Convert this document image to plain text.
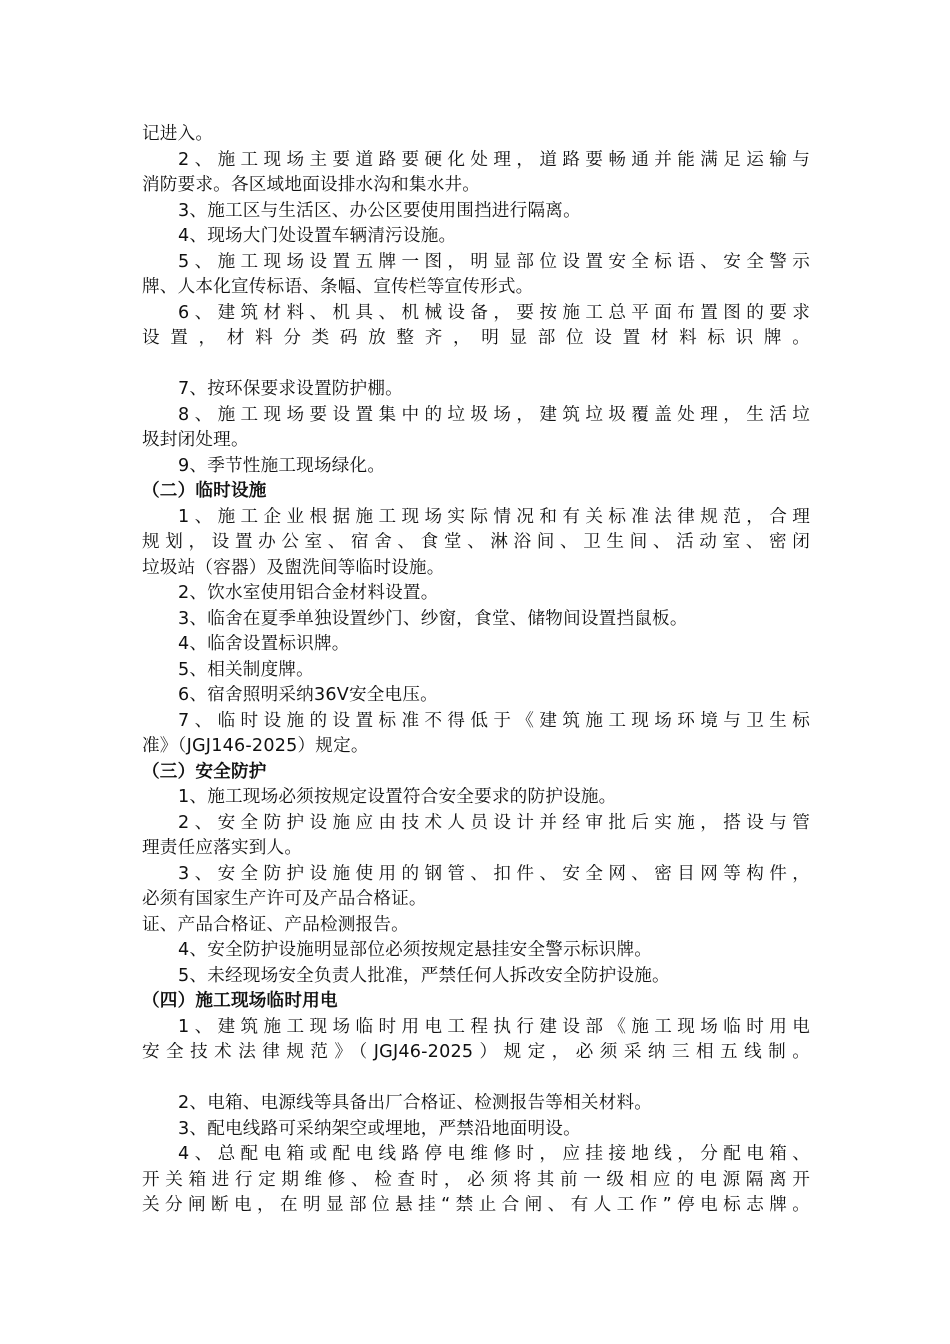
记进入。
2、施工现场主要道路要硬化处理，道路要畅通并能满足运输与
消防要求。各区域地面设排水沟和集水井。
3、施工区与生活区、办公区要使用围挡进行隔离。
4、现场大门处设置车辆清污设施。
5、施工现场设置五牌一图，明显部位设置安全标语、安全警示
牌、人本化宣传标语、条幅、宣传栏等宣传形式。
6、建筑材料、机具、机械设备，要按施工总平面布置图的要求
设置，材料分类码放整齐，明显部位设置材料标识牌。
7、按环保要求设置防护棚。
8、施工现场要设置集中的垃圾场，建筑垃圾覆盖处理，生活垃
圾封闭处理。
9、季节性施工现场绿化。
（二）临时设施
1、施工企业根据施工现场实际情况和有关标准法律规范，合理
规划，设置办公室、宿舍、食堂、淋浴间、卫生间、活动室、密闭
垃圾站（容器）及盥洗间等临时设施。
2、饮水室使用铝合金材料设置。
3、临舍在夏季单独设置纱门、纱窗，食堂、储物间设置挡鼠板。
4、临舍设置标识牌。
5、相关制度牌。
6、宿舍照明采纳36V安全电压。
7、临时设施的设置标准不得低于《建筑施工现场环境与卫生标
准》（JGJ146-2025）规定。
（三）安全防护
1、施工现场必须按规定设置符合安全要求的防护设施。
2、安全防护设施应由技术人员设计并经审批后实施，搭设与管
理责任应落实到人。
3、安全防护设施使用的钢管、扣件、安全网、密目网等构件，
必须有国家生产许可及产品合格证。
证、产品合格证、产品检测报告。
4、安全防护设施明显部位必须按规定悬挂安全警示标识牌。
5、未经现场安全负责人批准，严禁任何人拆改安全防护设施。
（四）施工现场临时用电
1、建筑施工现场临时用电工程执行建设部《施工现场临时用电
安全技术法律规范》（JGJ46-2025）规定，必须采纳三相五线制。
2、电箱、电源线等具备出厂合格证、检测报告等相关材料。
3、配电线路可采纳架空或埋地，严禁沿地面明设。
4、总配电箱或配电线路停电维修时，应挂接地线，分配电箱、
开关箱进行定期维修、检查时，必须将其前一级相应的电源隔离开
关分闸断电，在明显部位悬挂“禁止合闸、有人工作”停电标志牌。
